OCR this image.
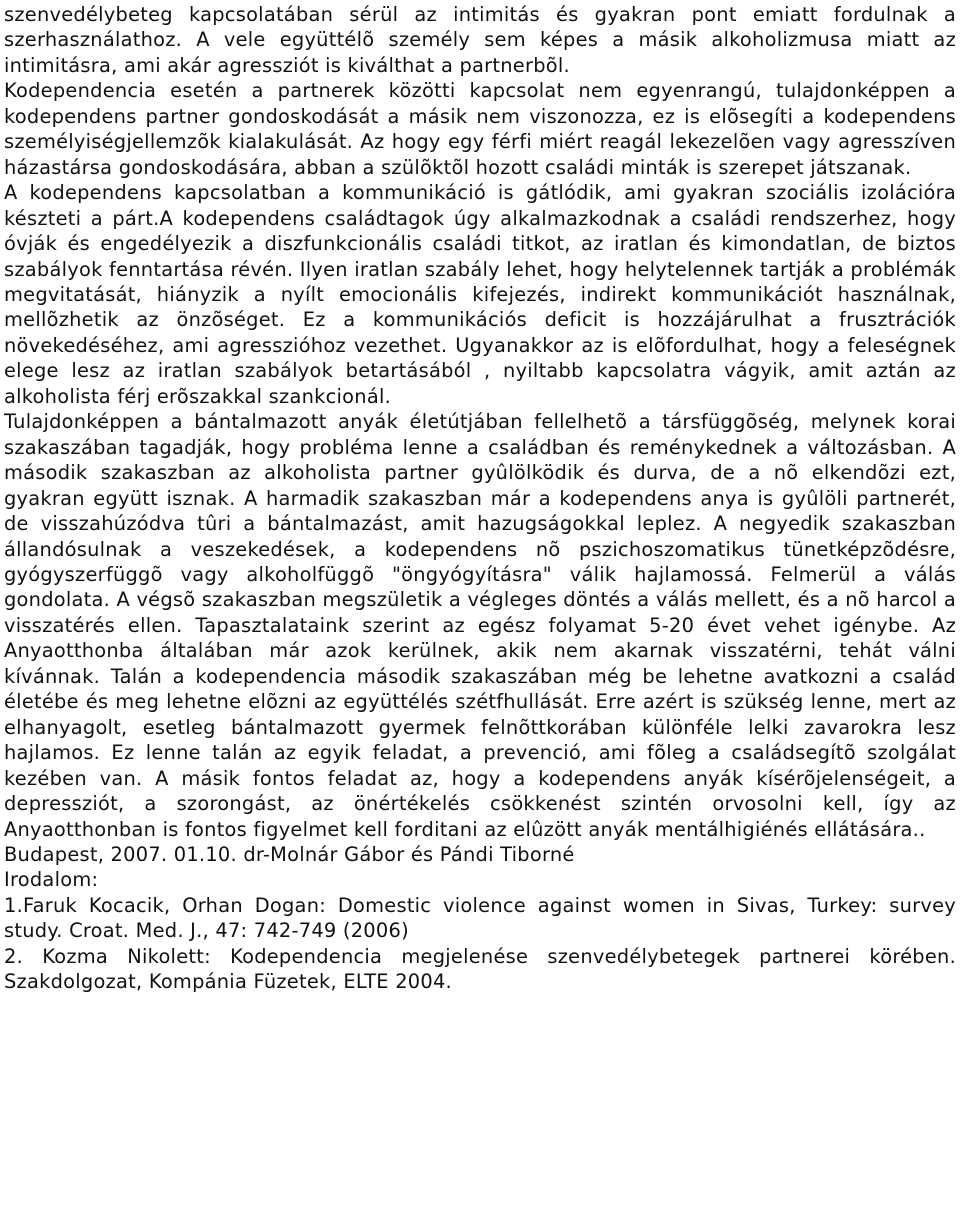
szenvedélybeteg kapcsolatában sérül az intimitás és gyakran pont emiatt fordulnak a szerhasználathoz. A vele együttélõ személy sem képes a másik alkoholizmusa miatt az intimitásra, ami akár agressziót is kiválthat a partnerbõl.

Kodependencia esetén a partnerek közötti kapcsolat nem egyenrangú, tulajdonképpen a kodependens partner gondoskodását a másik nem viszonozza, ez is elõsegíti a kodependens személyiségjellemzõk kialakulását. Az hogy egy férfi miért reagál lekezelõen vagy agresszíven házastársa gondoskodására, abban a szülõktõl hozott családi minták is szerepet játszanak.

A kodependens kapcsolatban a kommunikáció is gátlódik, ami gyakran szociális izolációra készteti a párt.A kodependens családtagok úgy alkalmazkodnak a családi rendszerhez, hogy óvják és engedélyezik a diszfunkcionális családi titkot, az iratlan és kimondatlan, de biztos szabályok fenntartása révén. Ilyen iratlan szabály lehet, hogy helytelennek tartják a problémák megvitatását, hiányzik a nyílt emocionális kifejezés, indirekt kommunikációt használnak, mellõzhetik az önzõséget. Ez a kommunikációs deficit is hozzájárulhat a frusztrációk növekedéséhez, ami agresszióhoz vezethet. Ugyanakkor az is elõfordulhat, hogy a feleségnek elege lesz az iratlan szabályok betartásából , nyiltabb kapcsolatra vágyik, amit aztán az alkoholista férj erõszakkal szankcionál.

Tulajdonképpen a bántalmazott anyák életútjában fellelhetõ a társfüggõség, melynek korai szakaszában tagadják, hogy probléma lenne a családban és reménykednek a változásban. A második szakaszban az alkoholista partner gyûlölködik és durva, de a nõ elkendõzi ezt, gyakran együtt isznak. A harmadik szakaszban már a kodependens anya is gyûlöli partnerét, de visszahúzódva tûri a bántalmazást, amit hazugságokkal leplez. A negyedik szakaszban állandósulnak a veszekedések, a kodependens nõ pszichoszomatikus tünetképzõdésre, gyógyszerfüggõ vagy alkoholfüggõ "öngyógyításra" válik hajlamossá. Felmerül a válás gondolata. A végsõ szakaszban megszületik a végleges döntés a válás mellett, és a nõ harcol a visszatérés ellen. Tapasztalataink szerint az egész folyamat 5-20 évet vehet igénybe. Az Anyaotthonba általában már azok kerülnek, akik nem akarnak visszatérni, tehát válni kívánnak. Talán a kodependencia második szakaszában még be lehetne avatkozni a család életébe és meg lehetne elõzni az együttélés szétfhullását. Erre azért is szükség lenne, mert az elhanyagolt, esetleg bántalmazott gyermek felnõttkorában különféle lelki zavarokra lesz hajlamos. Ez lenne talán az egyik feladat, a prevenció, ami fõleg a családsegítõ szolgálat kezében van. A másik fontos feladat az, hogy a kodependens anyák kísérõjelenségeit, a depressziót, a szorongást, az önértékelés csökkenést szintén orvosolni kell, így az Anyaotthonban is fontos figyelmet kell forditani az elûzött anyák mentálhigiénés ellátására..

Budapest, 2007. 01.10. dr-Molnár Gábor és Pándi Tiborné

Irodalom:

1.Faruk Kocacik, Orhan Dogan: Domestic violence against women in Sivas, Turkey: survey study. Croat. Med. J., 47: 742-749 (2006)

2. Kozma Nikolett: Kodependencia megjelenése szenvedélybetegek partnerei körében. Szakdolgozat, Kompánia Füzetek, ELTE 2004.
